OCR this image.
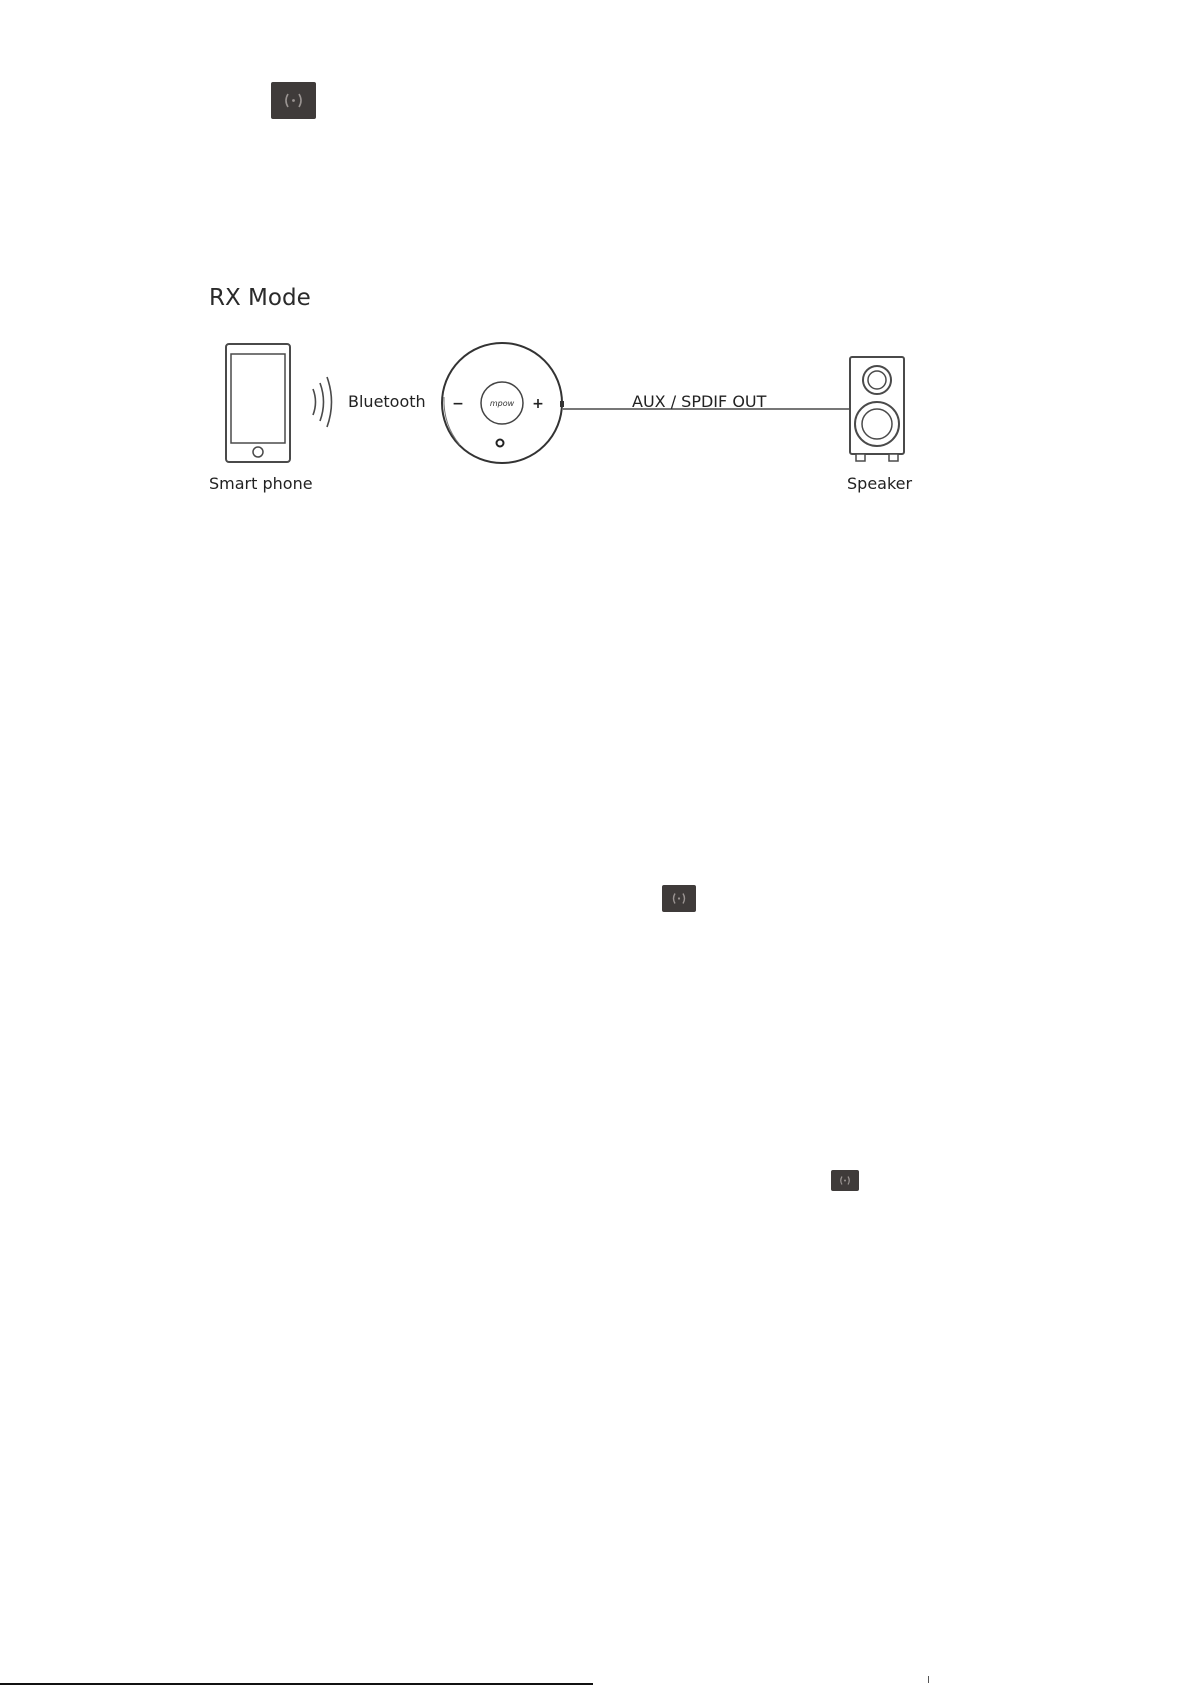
RX Mode
mpow
−	+
Smart phone
Bluetooth	AUX / SPDIF OUT
Speaker
